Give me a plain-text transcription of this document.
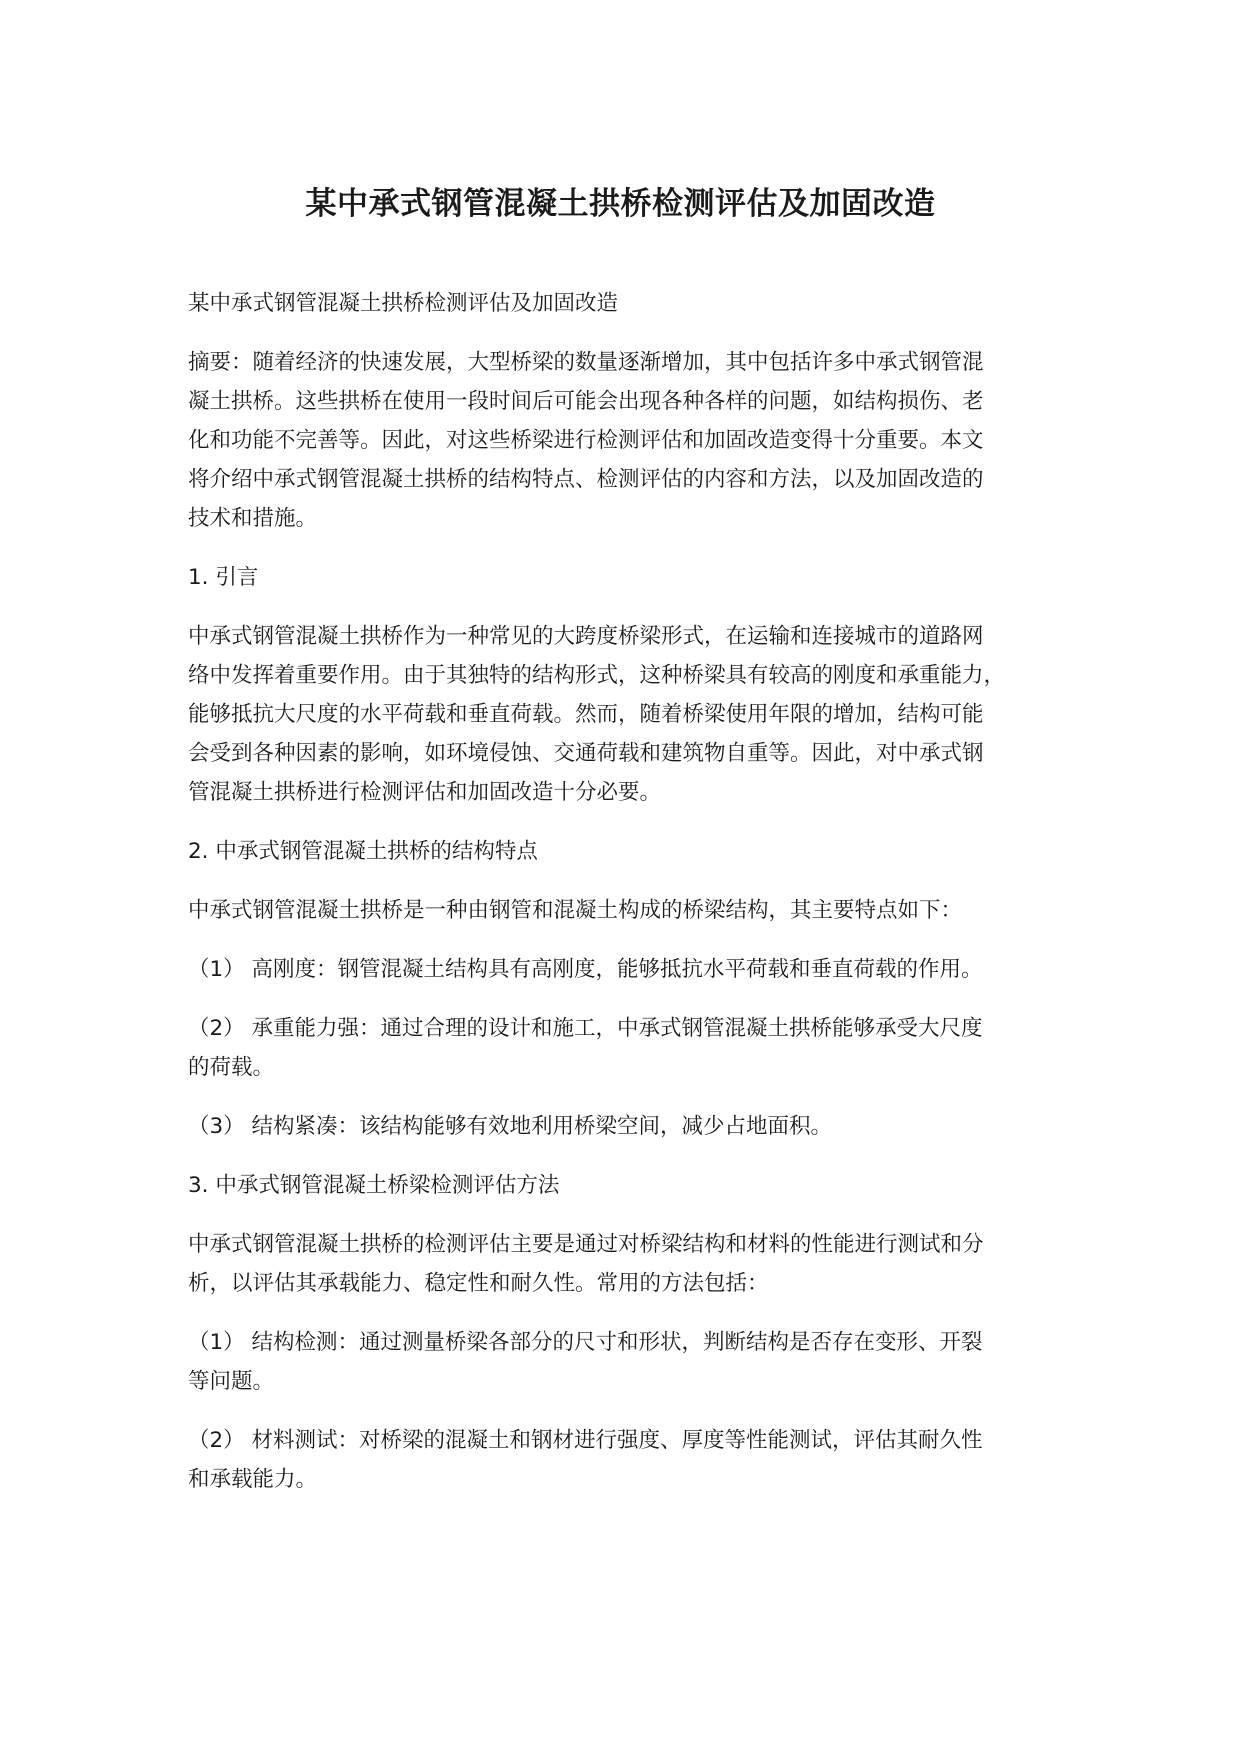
某中承式钢管混凝土拱桥检测评估及加固改造

某中承式钢管混凝土拱桥检测评估及加固改造

摘要：随着经济的快速发展，大型桥梁的数量逐渐增加，其中包括许多中承式钢管混
凝土拱桥。这些拱桥在使用一段时间后可能会出现各种各样的问题，如结构损伤、老
化和功能不完善等。因此，对这些桥梁进行检测评估和加固改造变得十分重要。本文
将介绍中承式钢管混凝土拱桥的结构特点、检测评估的内容和方法，以及加固改造的
技术和措施。

1. 引言

中承式钢管混凝土拱桥作为一种常见的大跨度桥梁形式，在运输和连接城市的道路网
络中发挥着重要作用。由于其独特的结构形式，这种桥梁具有较高的刚度和承重能力，
能够抵抗大尺度的水平荷载和垂直荷载。然而，随着桥梁使用年限的增加，结构可能
会受到各种因素的影响，如环境侵蚀、交通荷载和建筑物自重等。因此，对中承式钢
管混凝土拱桥进行检测评估和加固改造十分必要。

2. 中承式钢管混凝土拱桥的结构特点

中承式钢管混凝土拱桥是一种由钢管和混凝土构成的桥梁结构，其主要特点如下：

（1） 高刚度：钢管混凝土结构具有高刚度，能够抵抗水平荷载和垂直荷载的作用。

（2） 承重能力强：通过合理的设计和施工，中承式钢管混凝土拱桥能够承受大尺度
的荷载。

（3） 结构紧凑：该结构能够有效地利用桥梁空间，减少占地面积。

3. 中承式钢管混凝土桥梁检测评估方法

中承式钢管混凝土拱桥的检测评估主要是通过对桥梁结构和材料的性能进行测试和分
析，以评估其承载能力、稳定性和耐久性。常用的方法包括：

（1） 结构检测：通过测量桥梁各部分的尺寸和形状，判断结构是否存在变形、开裂
等问题。

（2） 材料测试：对桥梁的混凝土和钢材进行强度、厚度等性能测试，评估其耐久性
和承载能力。
